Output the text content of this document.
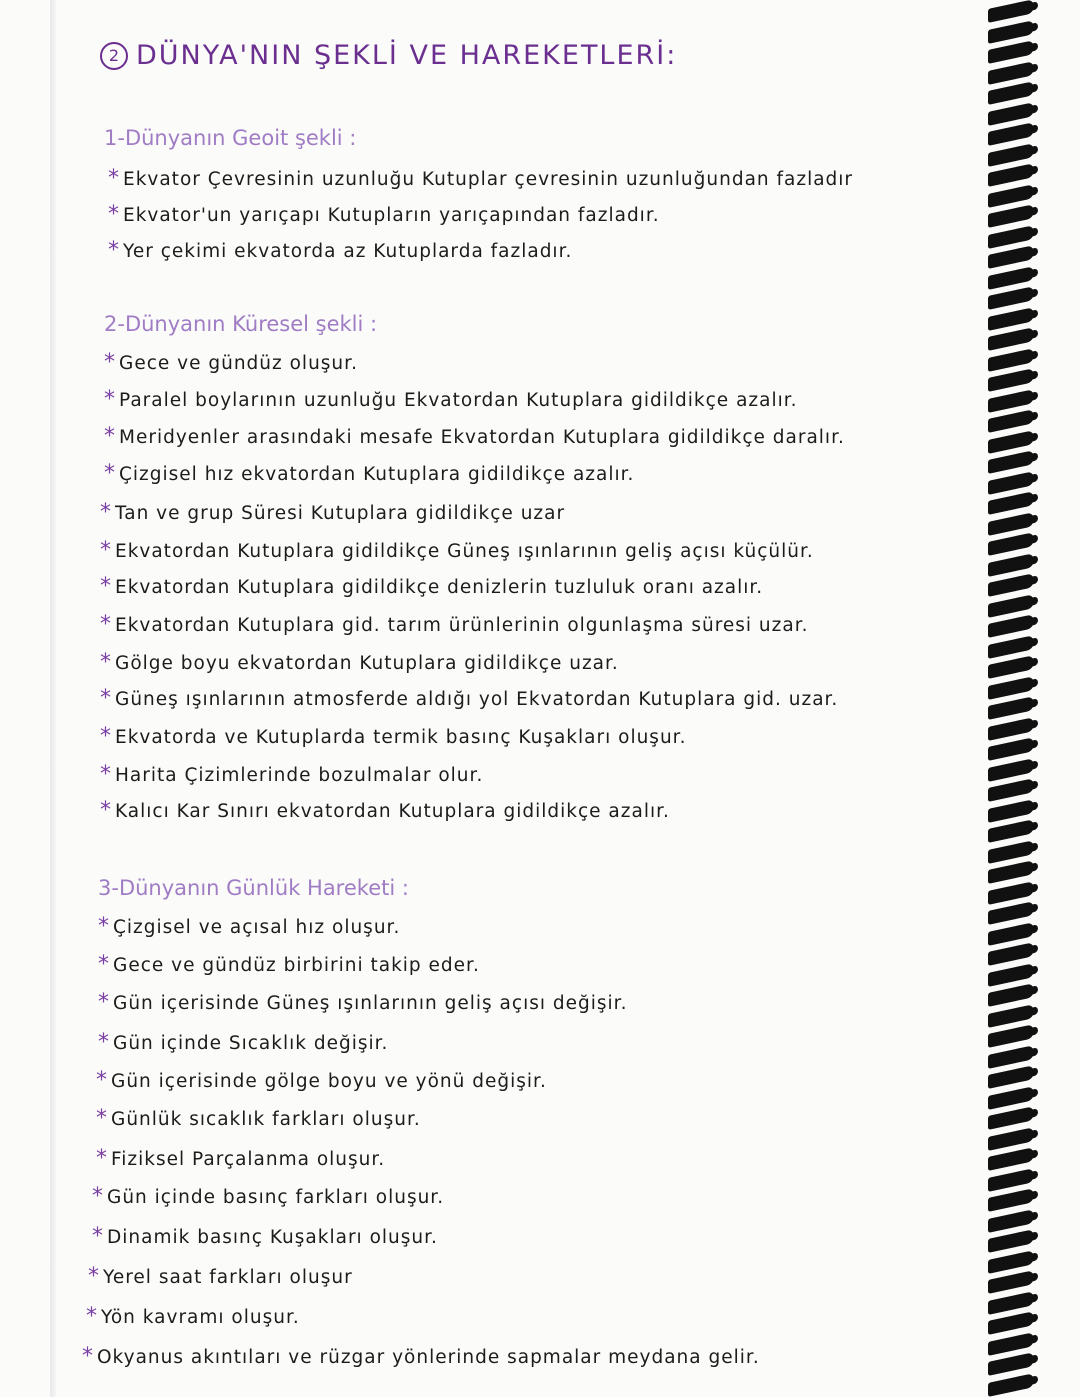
2 DÜNYA'NIN ŞEKLİ VE HAREKETLERİ:
1-Dünyanın Geoit şekli :
* Ekvator Çevresinin uzunluğu Kutuplar çevresinin uzunluğundan fazladır
* Ekvator'un yarıçapı Kutupların yarıçapından fazladır.
* Yer çekimi ekvatorda az Kutuplarda fazladır.
2-Dünyanın Küresel şekli :
* Gece ve gündüz oluşur.
* Paralel boylarının uzunluğu Ekvatordan Kutuplara gidildikçe azalır.
* Meridyenler arasındaki mesafe Ekvatordan Kutuplara gidildikçe daralır.
* Çizgisel hız ekvatordan Kutuplara gidildikçe azalır.
* Tan ve grup Süresi Kutuplara gidildikçe uzar
* Ekvatordan Kutuplara gidildikçe Güneş ışınlarının geliş açısı küçülür.
* Ekvatordan Kutuplara gidildikçe denizlerin tuzluluk oranı azalır.
* Ekvatordan Kutuplara gid. tarım ürünlerinin olgunlaşma süresi uzar.
* Gölge boyu ekvatordan Kutuplara gidildikçe uzar.
* Güneş ışınlarının atmosferde aldığı yol Ekvatordan Kutuplara gid. uzar.
* Ekvatorda ve Kutuplarda termik basınç Kuşakları oluşur.
* Harita Çizimlerinde bozulmalar olur.
* Kalıcı Kar Sınırı ekvatordan Kutuplara gidildikçe azalır.
3-Dünyanın Günlük Hareketi :
* Çizgisel ve açısal hız oluşur.
* Gece ve gündüz birbirini takip eder.
* Gün içerisinde Güneş ışınlarının geliş açısı değişir.
* Gün içinde Sıcaklık değişir.
* Gün içerisinde gölge boyu ve yönü değişir.
* Günlük sıcaklık farkları oluşur.
* Fiziksel Parçalanma oluşur.
* Gün içinde basınç farkları oluşur.
* Dinamik basınç Kuşakları oluşur.
* Yerel saat farkları oluşur
* Yön kavramı oluşur.
* Okyanus akıntıları ve rüzgar yönlerinde sapmalar meydana gelir.
